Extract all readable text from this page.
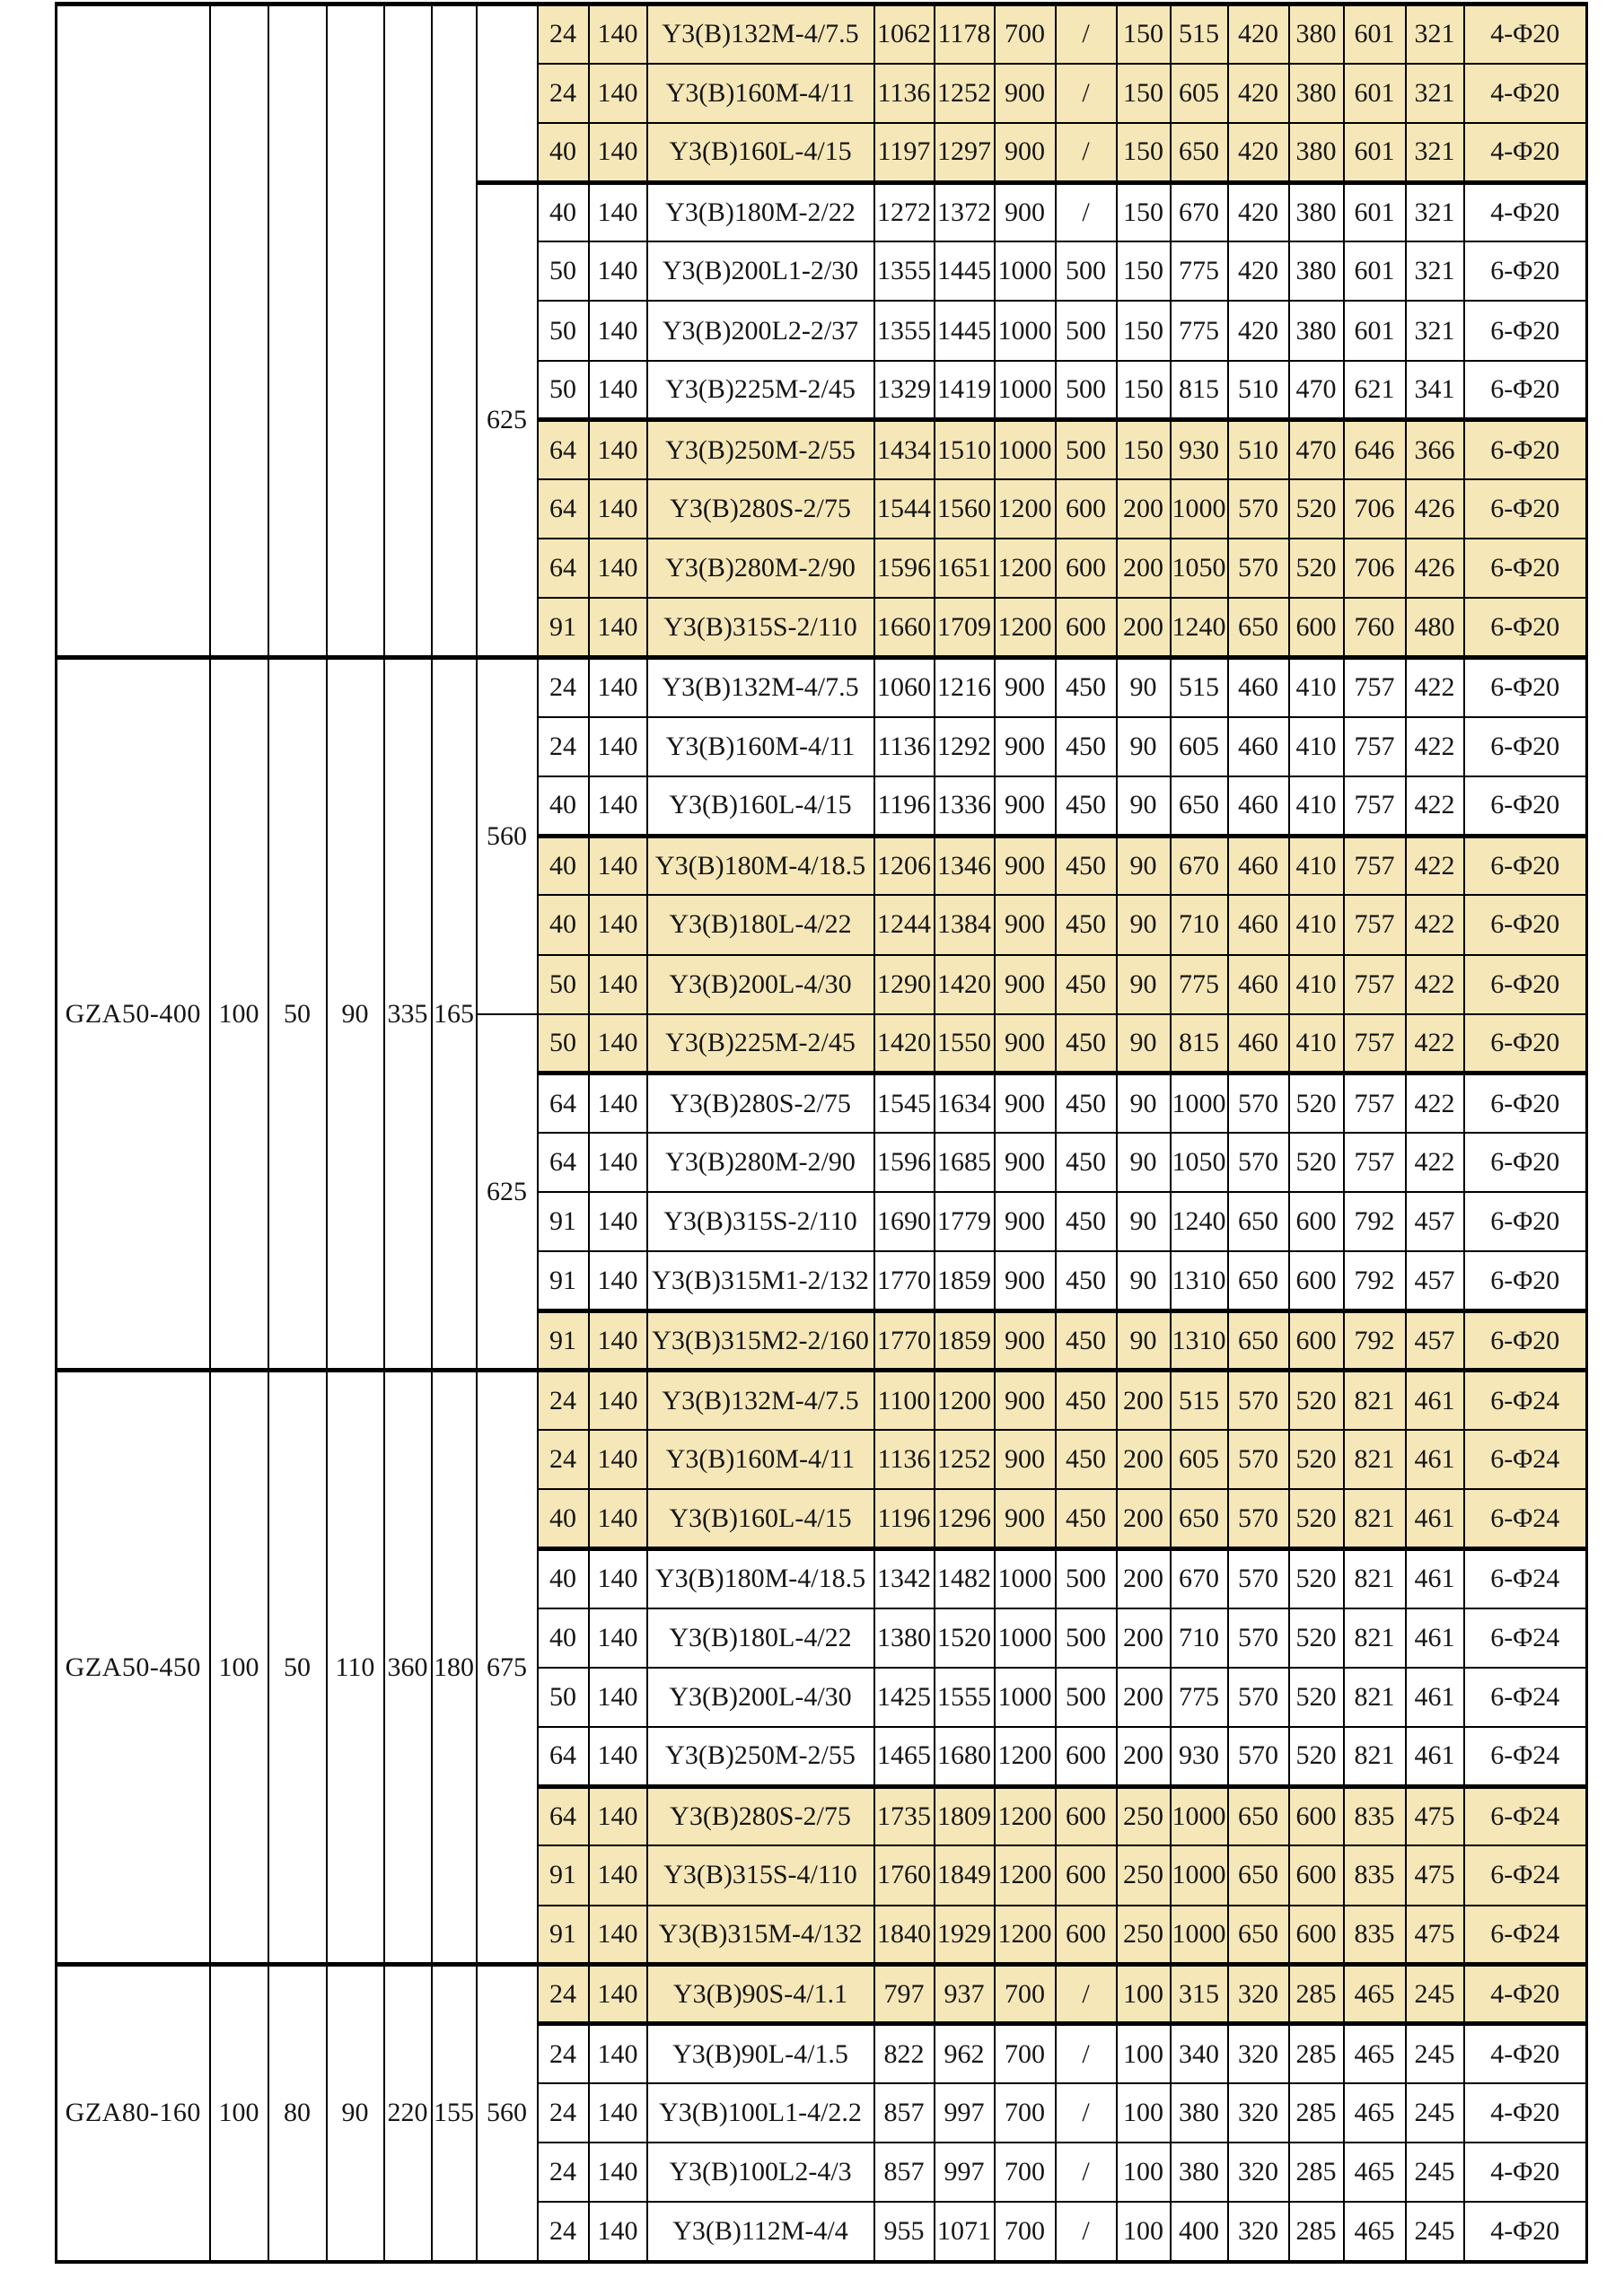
							24	140	Y3(B)132M-4/7.5	1062	1178	700	/	150	515	420	380	601	321	4-Φ20
							24	140	Y3(B)160M-4/11	1136	1252	900	/	150	605	420	380	601	321	4-Φ20
							40	140	Y3(B)160L-4/15	1197	1297	900	/	150	650	420	380	601	321	4-Φ20
						625	40	140	Y3(B)180M-2/22	1272	1372	900	/	150	670	420	380	601	321	4-Φ20
							50	140	Y3(B)200L1-2/30	1355	1445	1000	500	150	775	420	380	601	321	6-Φ20
							50	140	Y3(B)200L2-2/37	1355	1445	1000	500	150	775	420	380	601	321	6-Φ20
							50	140	Y3(B)225M-2/45	1329	1419	1000	500	150	815	510	470	621	341	6-Φ20
							64	140	Y3(B)250M-2/55	1434	1510	1000	500	150	930	510	470	646	366	6-Φ20
							64	140	Y3(B)280S-2/75	1544	1560	1200	600	200	1000	570	520	706	426	6-Φ20
							64	140	Y3(B)280M-2/90	1596	1651	1200	600	200	1050	570	520	706	426	6-Φ20
							91	140	Y3(B)315S-2/110	1660	1709	1200	600	200	1240	650	600	760	480	6-Φ20
GZA50-400	100	50	90	335	165	560	24	140	Y3(B)132M-4/7.5	1060	1216	900	450	90	515	460	410	757	422	6-Φ20
							24	140	Y3(B)160M-4/11	1136	1292	900	450	90	605	460	410	757	422	6-Φ20
							40	140	Y3(B)160L-4/15	1196	1336	900	450	90	650	460	410	757	422	6-Φ20
							40	140	Y3(B)180M-4/18.5	1206	1346	900	450	90	670	460	410	757	422	6-Φ20
							40	140	Y3(B)180L-4/22	1244	1384	900	450	90	710	460	410	757	422	6-Φ20
							50	140	Y3(B)200L-4/30	1290	1420	900	450	90	775	460	410	757	422	6-Φ20
						625	50	140	Y3(B)225M-2/45	1420	1550	900	450	90	815	460	410	757	422	6-Φ20
							64	140	Y3(B)280S-2/75	1545	1634	900	450	90	1000	570	520	757	422	6-Φ20
							64	140	Y3(B)280M-2/90	1596	1685	900	450	90	1050	570	520	757	422	6-Φ20
							91	140	Y3(B)315S-2/110	1690	1779	900	450	90	1240	650	600	792	457	6-Φ20
							91	140	Y3(B)315M1-2/132	1770	1859	900	450	90	1310	650	600	792	457	6-Φ20
							91	140	Y3(B)315M2-2/160	1770	1859	900	450	90	1310	650	600	792	457	6-Φ20
GZA50-450	100	50	110	360	180	675	24	140	Y3(B)132M-4/7.5	1100	1200	900	450	200	515	570	520	821	461	6-Φ24
							24	140	Y3(B)160M-4/11	1136	1252	900	450	200	605	570	520	821	461	6-Φ24
							40	140	Y3(B)160L-4/15	1196	1296	900	450	200	650	570	520	821	461	6-Φ24
							40	140	Y3(B)180M-4/18.5	1342	1482	1000	500	200	670	570	520	821	461	6-Φ24
							40	140	Y3(B)180L-4/22	1380	1520	1000	500	200	710	570	520	821	461	6-Φ24
							50	140	Y3(B)200L-4/30	1425	1555	1000	500	200	775	570	520	821	461	6-Φ24
							64	140	Y3(B)250M-2/55	1465	1680	1200	600	200	930	570	520	821	461	6-Φ24
							64	140	Y3(B)280S-2/75	1735	1809	1200	600	250	1000	650	600	835	475	6-Φ24
							91	140	Y3(B)315S-4/110	1760	1849	1200	600	250	1000	650	600	835	475	6-Φ24
							91	140	Y3(B)315M-4/132	1840	1929	1200	600	250	1000	650	600	835	475	6-Φ24
GZA80-160	100	80	90	220	155	560	24	140	Y3(B)90S-4/1.1	797	937	700	/	100	315	320	285	465	245	4-Φ20
							24	140	Y3(B)90L-4/1.5	822	962	700	/	100	340	320	285	465	245	4-Φ20
							24	140	Y3(B)100L1-4/2.2	857	997	700	/	100	380	320	285	465	245	4-Φ20
							24	140	Y3(B)100L2-4/3	857	997	700	/	100	380	320	285	465	245	4-Φ20
							24	140	Y3(B)112M-4/4	955	1071	700	/	100	400	320	285	465	245	4-Φ20
